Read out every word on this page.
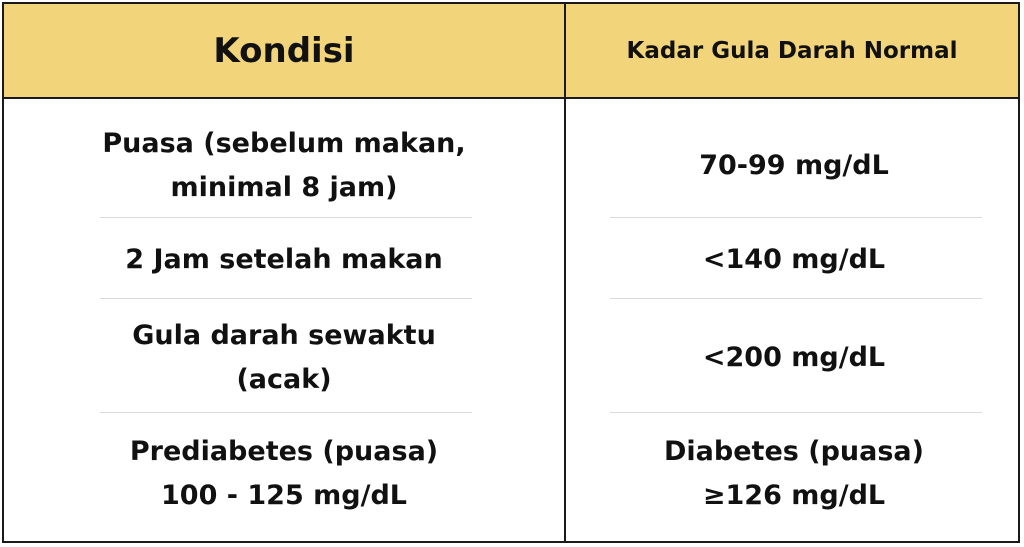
Kondisi	Kadar Gula Darah Normal
Puasa (sebelum makan,
minimal 8 jam)
70-99 mg/dL
2 Jam setelah makan	<140 mg/dL
Gula darah sewaktu
(acak)
<200 mg/dL
Prediabetes (puasa)
100 - 125 mg/dL
Diabetes (puasa)
≥126 mg/dL
